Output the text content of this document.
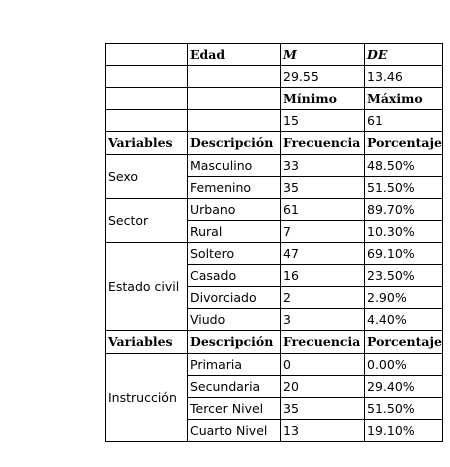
	Edad	M	DE
		29.55	13.46
		Mínimo	Máximo
		15	61
Variables	Descripción	Frecuencia	Porcentaje
Sexo	Masculino	33	48.50%
	Femenino	35	51.50%
Sector	Urbano	61	89.70%
	Rural	7	10.30%
Estado civil	Soltero	47	69.10%
	Casado	16	23.50%
	Divorciado	2	2.90%
	Viudo	3	4.40%
Variables	Descripción	Frecuencia	Porcentaje
Instrucción	Primaria	0	0.00%
	Secundaria	20	29.40%
	Tercer Nivel	35	51.50%
	Cuarto Nivel	13	19.10%
